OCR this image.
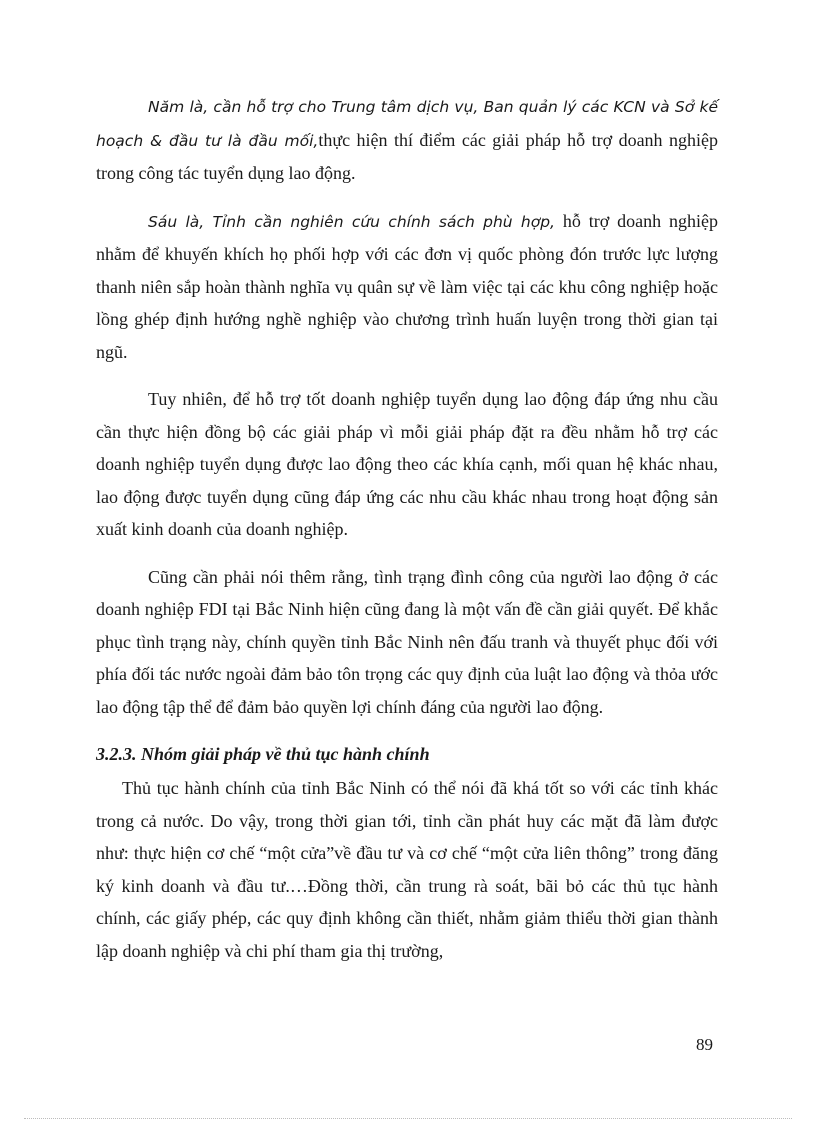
Năm là, cần hỗ trợ cho Trung tâm dịch vụ, Ban quản lý các KCN và Sở kế hoạch & đầu tư là đầu mối,thực hiện thí điểm các giải pháp hỗ trợ doanh nghiệp trong công tác tuyển dụng lao động.

Sáu là, Tỉnh cần nghiên cứu chính sách phù hợp, hỗ trợ doanh nghiệp nhằm để khuyến khích họ phối hợp với các đơn vị quốc phòng đón trước lực lượng thanh niên sắp hoàn thành nghĩa vụ quân sự về làm việc tại các khu công nghiệp hoặc lồng ghép định hướng nghề nghiệp vào chương trình huấn luyện trong thời gian tại ngũ.

Tuy nhiên, để hỗ trợ tốt doanh nghiệp tuyển dụng lao động đáp ứng nhu cầu cần thực hiện đồng bộ các giải pháp vì mỗi giải pháp đặt ra đều nhằm hỗ trợ các doanh nghiệp tuyển dụng được lao động theo các khía cạnh, mối quan hệ khác nhau, lao động được tuyển dụng cũng đáp ứng các nhu cầu khác nhau trong hoạt động sản xuất kinh doanh của doanh nghiệp.

Cũng cần phải nói thêm rằng, tình trạng đình công của người lao động ở các doanh nghiệp FDI tại Bắc Ninh hiện cũng đang là một vấn đề cần giải quyết. Để khắc phục tình trạng này, chính quyền tỉnh Bắc Ninh nên đấu tranh và thuyết phục đối với phía đối tác nước ngoài đảm bảo tôn trọng các quy định của luật lao động và thỏa ước lao động tập thể để đảm bảo quyền lợi chính đáng của người lao động.

3.2.3. Nhóm giải pháp về thủ tục hành chính

Thủ tục hành chính của tỉnh Bắc Ninh có thể nói đã khá tốt so với các tỉnh khác trong cả nước. Do vậy, trong thời gian tới, tỉnh cần phát huy các mặt đã làm được như: thực hiện cơ chế “một cửa”về đầu tư và cơ chế “một cửa liên thông” trong đăng ký kinh doanh và đầu tư.…Đồng thời, cần trung rà soát, bãi bỏ các thủ tục hành chính, các giấy phép, các quy định không cần thiết, nhằm giảm thiểu thời gian thành lập doanh nghiệp và chi phí tham gia thị trường,

89
